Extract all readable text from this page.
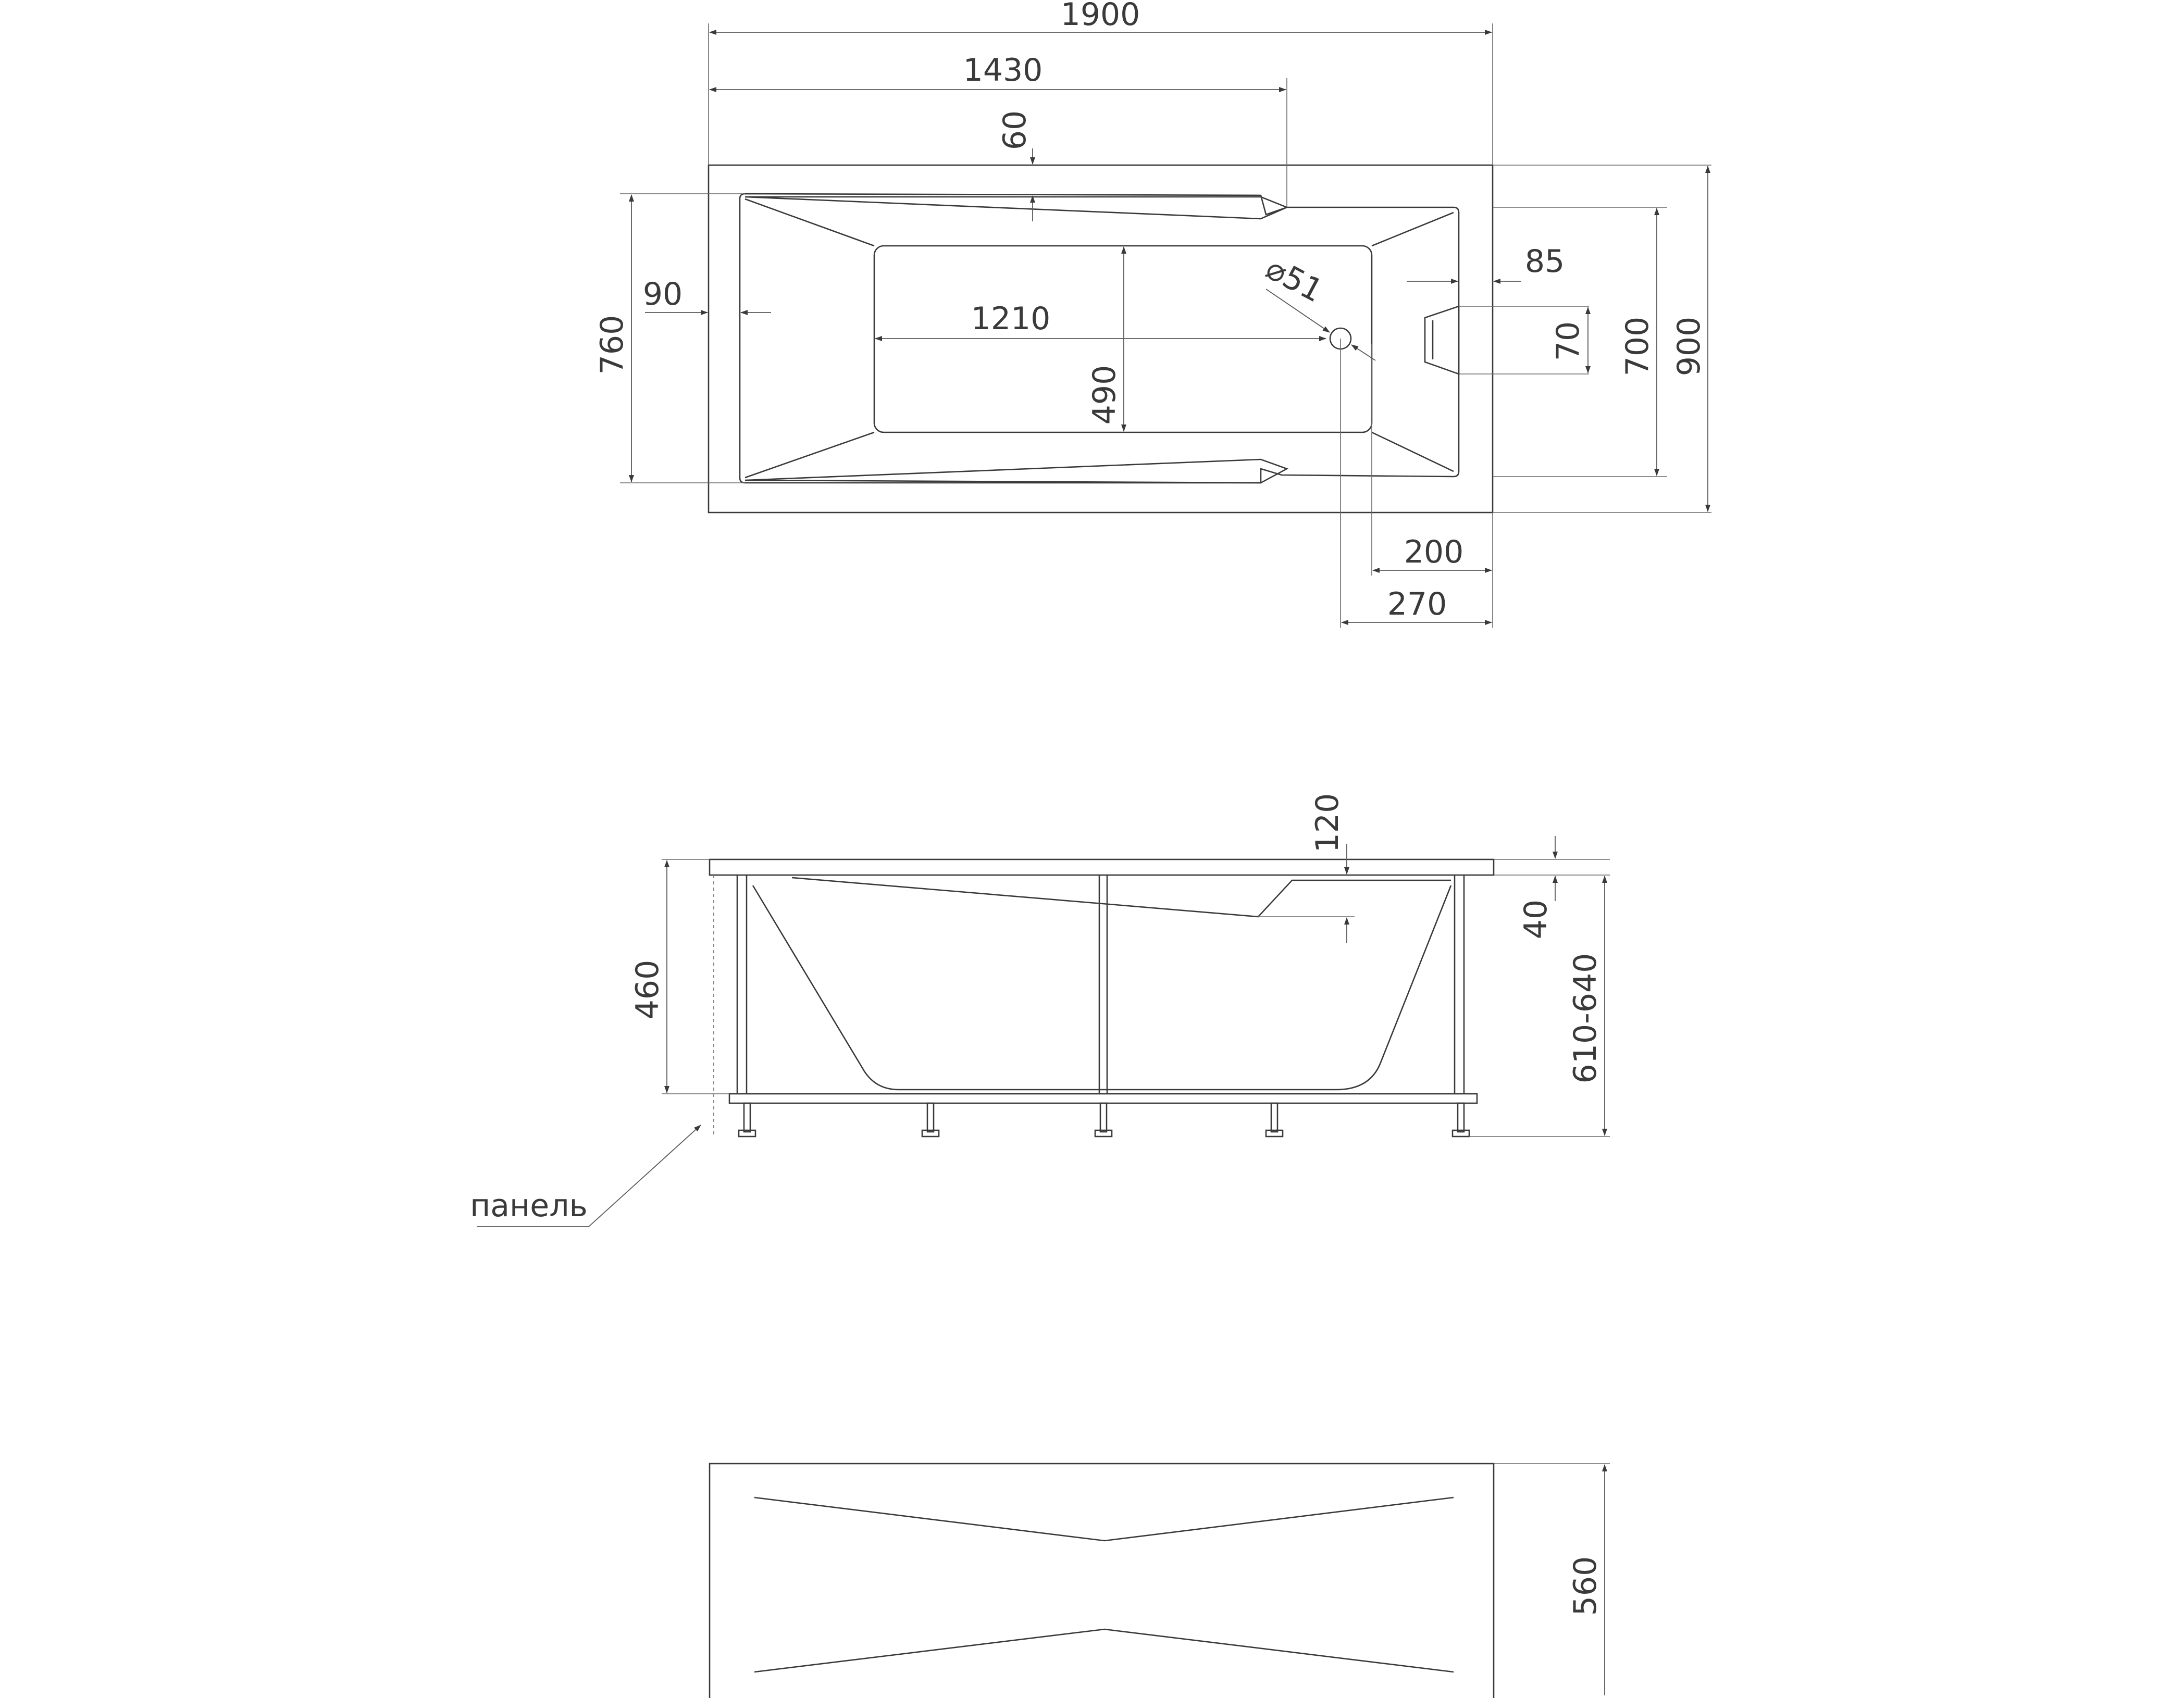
1900
1430
60
90
760	1210
490
⌀51	85
70 700 900
200
270
460
120
40
610-640
панель
560
